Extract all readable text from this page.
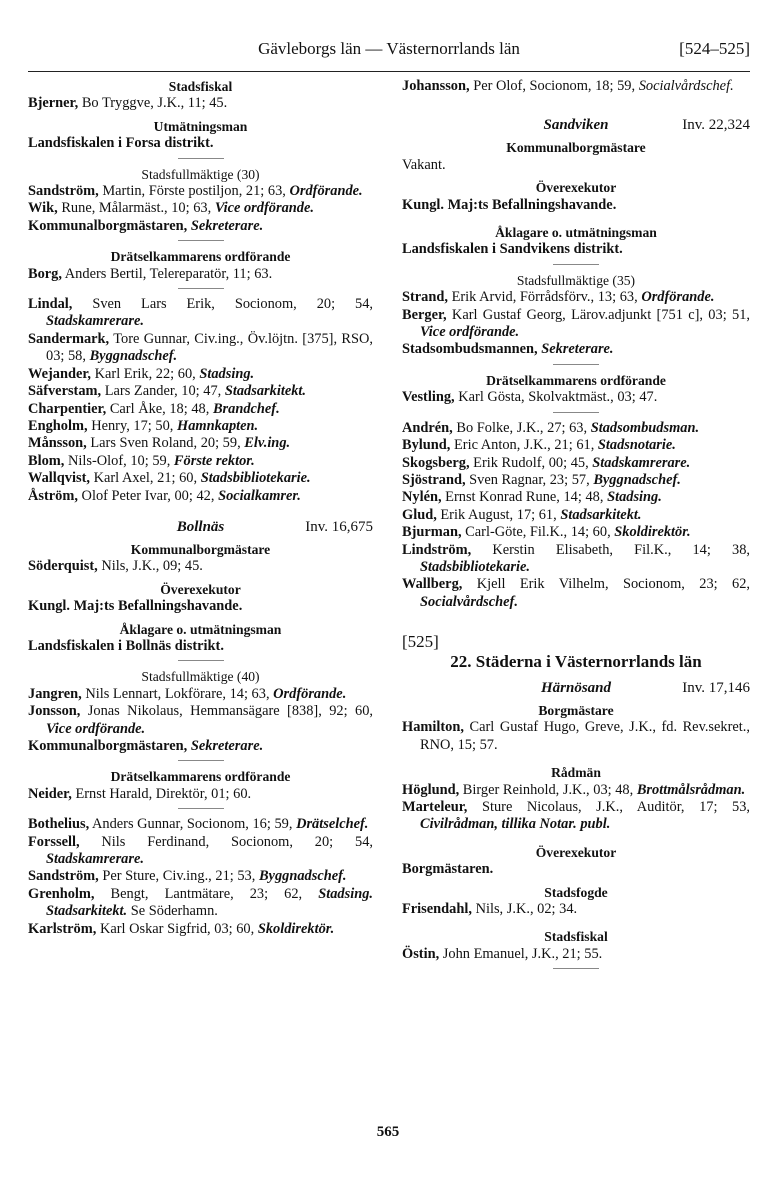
Gävleborgs län — Västernorrlands län	[524–525]
Stadsfiskal
Bjerner, Bo Tryggve, J.K., 11; 45.
Utmätningsman
Landsfiskalen i Forsa distrikt.
Stadsfullmäktige (30)
Sandström, Martin, Förste postiljon, 21; 63, Ordförande.
Wik, Rune, Målarmäst., 10; 63, Vice ordförande.
Kommunalborgmästaren, Sekreterare.
Drätselkammarens ordförande
Borg, Anders Bertil, Telereparatör, 11; 63.
Lindal, Sven Lars Erik, Socionom, 20; 54, Stadskamrerare.
Sandermark, Tore Gunnar, Civ.ing., Öv.löjtn. [375], RSO, 03; 58, Byggnadschef.
Wejander, Karl Erik, 22; 60, Stadsing.
Säfverstam, Lars Zander, 10; 47, Stadsarkitekt.
Charpentier, Carl Åke, 18; 48, Brandchef.
Engholm, Henry, 17; 50, Hamnkapten.
Månsson, Lars Sven Roland, 20; 59, Elv.ing.
Blom, Nils-Olof, 10; 59, Förste rektor.
Wallqvist, Karl Axel, 21; 60, Stadsbibliotekarie.
Åström, Olof Peter Ivar, 00; 42, Socialkamrer.
Bollnäs	Inv. 16,675
Kommunalborgmästare
Söderquist, Nils, J.K., 09; 45.
Överexekutor
Kungl. Maj:ts Befallningshavande.
Åklagare o. utmätningsman
Landsfiskalen i Bollnäs distrikt.
Stadsfullmäktige (40)
Jangren, Nils Lennart, Lokförare, 14; 63, Ordförande.
Jonsson, Jonas Nikolaus, Hemmansägare [838], 92; 60, Vice ordförande.
Kommunalborgmästaren, Sekreterare.
Drätselkammarens ordförande
Neider, Ernst Harald, Direktör, 01; 60.
Bothelius, Anders Gunnar, Socionom, 16; 59, Drätselchef.
Forssell, Nils Ferdinand, Socionom, 20; 54, Stadskamrerare.
Sandström, Per Sture, Civ.ing., 21; 53, Byggnadschef.
Grenholm, Bengt, Lantmätare, 23; 62, Stadsing. Stadsarkitekt. Se Söderhamn.
Karlström, Karl Oskar Sigfrid, 03; 60, Skoldirektör.
Johansson, Per Olof, Socionom, 18; 59, Socialvårdschef.
Sandviken	Inv. 22,324
Kommunalborgmästare
Vakant.
Överexekutor
Kungl. Maj:ts Befallningshavande.
Åklagare o. utmätningsman
Landsfiskalen i Sandvikens distrikt.
Stadsfullmäktige (35)
Strand, Erik Arvid, Förrådsförv., 13; 63, Ordförande.
Berger, Karl Gustaf Georg, Lärov.adjunkt [751 c], 03; 51, Vice ordförande.
Stadsombudsmannen, Sekreterare.
Drätselkammarens ordförande
Vestling, Karl Gösta, Skolvaktmäst., 03; 47.
Andrén, Bo Folke, J.K., 27; 63, Stadsombudsman.
Bylund, Eric Anton, J.K., 21; 61, Stadsnotarie.
Skogsberg, Erik Rudolf, 00; 45, Stadskamrerare.
Sjöstrand, Sven Ragnar, 23; 57, Byggnadschef.
Nylén, Ernst Konrad Rune, 14; 48, Stadsing.
Glud, Erik August, 17; 61, Stadsarkitekt.
Bjurman, Carl-Göte, Fil.K., 14; 60, Skoldirektör.
Lindström, Kerstin Elisabeth, Fil.K., 14; 38, Stadsbibliotekarie.
Wallberg, Kjell Erik Vilhelm, Socionom, 23; 62, Socialvårdschef.
[525]
22. Städerna i Västernorrlands län
Härnösand	Inv. 17,146
Borgmästare
Hamilton, Carl Gustaf Hugo, Greve, J.K., fd. Rev.sekret., RNO, 15; 57.
Rådmän
Höglund, Birger Reinhold, J.K., 03; 48, Brottmålsrådman.
Marteleur, Sture Nicolaus, J.K., Auditör, 17; 53, Civilrådman, tillika Notar. publ.
Överexekutor
Borgmästaren.
Stadsfogde
Frisendahl, Nils, J.K., 02; 34.
Stadsfiskal
Östin, John Emanuel, J.K., 21; 55.
565
